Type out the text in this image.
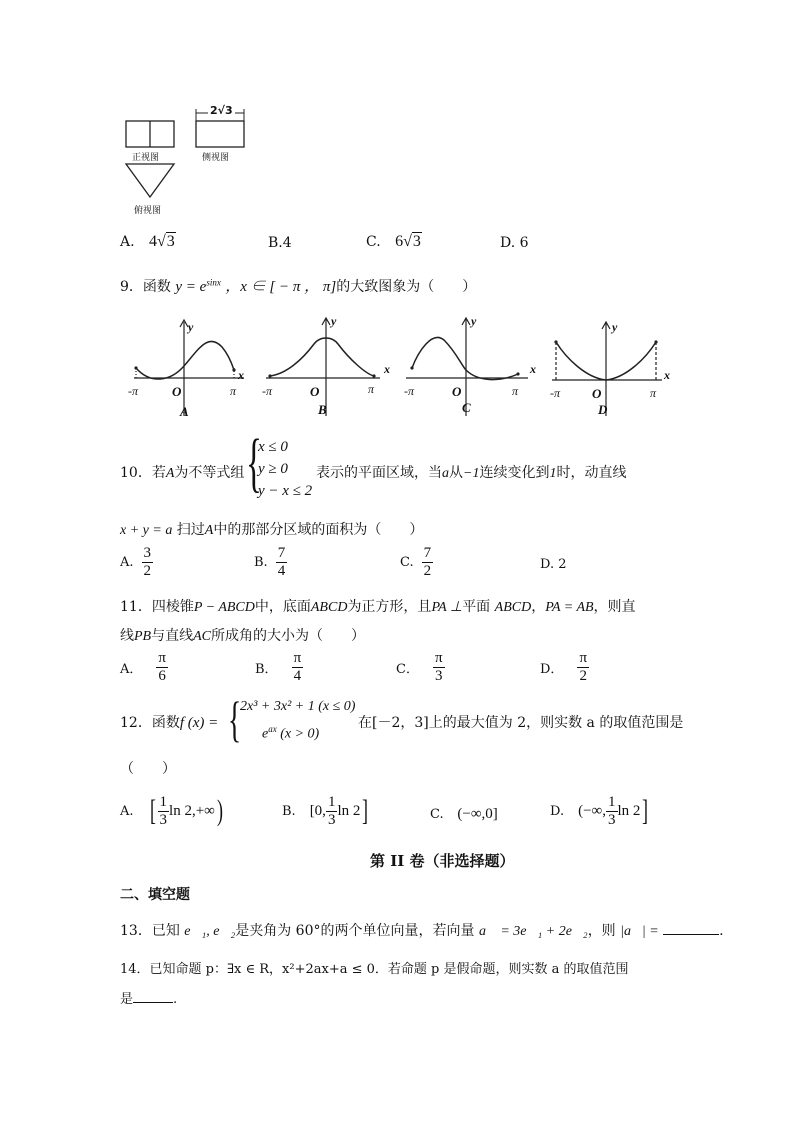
2√3
正视图	侧视图
俯视图
A. 4√3	B.4	C. 6√3	D. 6
9．函数 $y = e^{sinx}$ ，x ∈ [ − π ， π]的大致图象为（　　）
y
x
-π	O	π
A
y
x
-π	O	π
B
y
x
-π	O	π
C
y
x
-π O	π
D
10．若A为不等式组 {
x ≤ 0
y ≥ 0
y − x ≤ 2
表示的平面区域，当a从−1连续变化到1时，动直线
x + y = a 扫过A中的那部分区域的面积为（　　）
A. $\frac{3}{2}$	B. $\frac{7}{4}$	C. $\frac{7}{2}$	D. 2
11．四棱锥P − ABCD中，底面ABCD为正方形，且PA ⊥平面 ABCD，PA = AB，则直
线PB与直线AC所成角的大小为（　　）
A． $\frac{\pi}{6}$	B． $\frac{\pi}{4}$	C． $\frac{\pi}{3}$	D． $\frac{\pi}{2}$
12．函数f (x) = {
2x³ + 3x² + 1 (x ≤ 0)
$e^{ax}$ (x > 0)
在[－2，3]上的最大值为 2，则实数 a 的取值范围是
（　　）
A. [ $\frac{1}{3}$ ln 2,+∞ )	B. [0, $\frac{1}{3}$ ln 2 ]	C. (−∞,0]	D. (−∞, $\frac{1}{3}$ ln 2 ]
第 II 卷（非选择题）
二、填空题
13．已知 e⃗₁, e⃗₂是夹角为 60°的两个单位向量，若向量 a⃗ = 3e⃗₁ + 2e⃗₂，则 |a⃗| =	.
14．已知命题 p：∃x ∈ R，x²+2ax+a ≤ 0．若命题 p 是假命题，则实数 a 的取值范围
是	.
